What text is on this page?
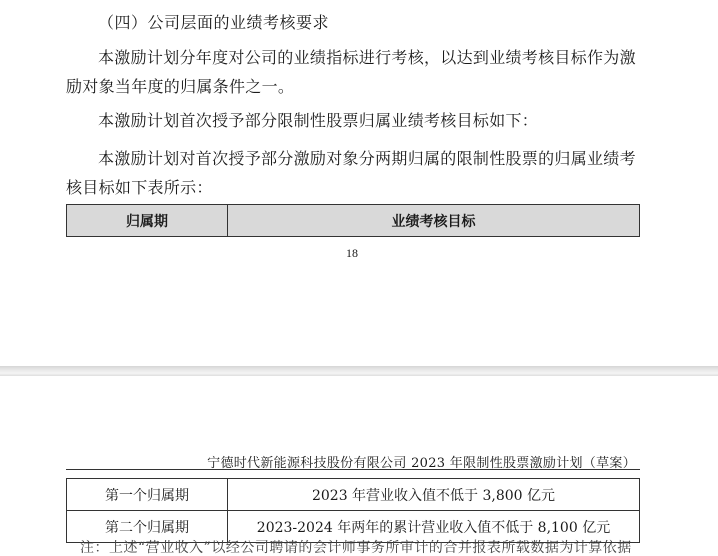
（四）公司层面的业绩考核要求

本激励计划分年度对公司的业绩指标进行考核，以达到业绩考核目标作为激励对象当年度的归属条件之一。

本激励计划首次授予部分限制性股票归属业绩考核目标如下：

本激励计划对首次授予部分激励对象分两期归属的限制性股票的归属业绩考核目标如下表所示：

归属期	业绩考核目标
18
宁德时代新能源科技股份有限公司 2023 年限制性股票激励计划（草案）
第一个归属期	2023 年营业收入值不低于 3,800 亿元
第二个归属期	2023-2024 年两年的累计营业收入值不低于 8,100 亿元
注：上述“营业收入”以经公司聘请的会计师事务所审计的合并报表所载数据为计算依据
